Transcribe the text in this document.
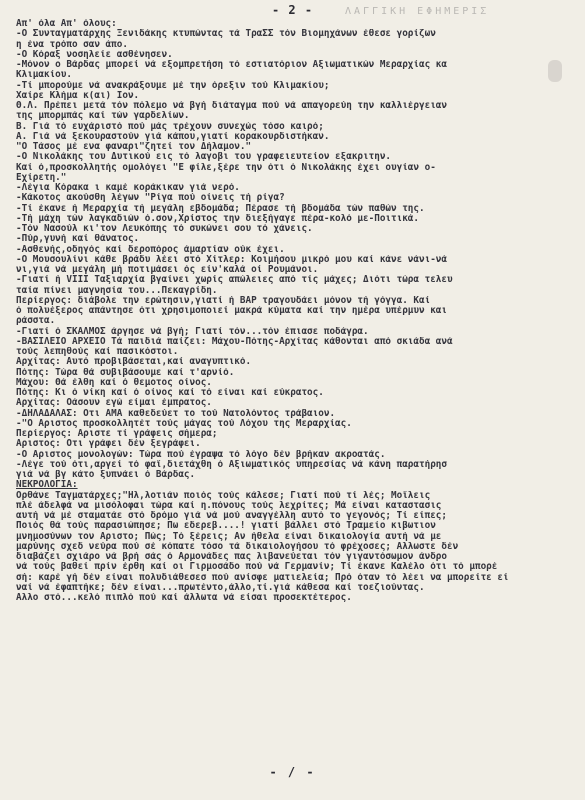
- 2 -	ΛΑΓΓΙΚΗ ΕΦΗΜΕΡΙΣ
Απ' όλα Απ' όλους:
-Ο Συνταγματάρχης Ξενιδάκης κτυπώντας τά ΤραΣΣ τόν Βιομηχάνων έθεσε γορίζων
η ένα τρόπο σαν άπο.
-Ο Κόραξ νοσηλείε ασθένησεν.
-Μόνον ο Βάρδας μπορεί νά εξομπρετήση τό εστιατόριον Αξιωματικών Μεραρχίας κα
Κλιμακίου.
-Τί μπορούμε νά ανακράξουμε μέ την όρεξιν τού Κλιμακίου;
Χαίρε Κλήμα κ(αι) Ιον.
Θ.Λ. Πρέπει μετά τόν πόλεμο νά βγή διάταγμα πού νά απαγορεύη την καλλιέργειαν
της μπορμπάς καί τών γαρδελίων.
Β. Γιά τό ευχάριστό πού μάς τρέχουν συνεχώς τόσο καιρό;
Α. Γιά νά ξεκουραστούν γιά κάπου,γιατί κορακουρδιστήκαν.
"Ο Τάσος μέ ενα φαναρι"ζητεί τον Δήλαμον."
-Ο Νικολάκης του Δυτικού εις τό λαγοβι του γραφειευτείον εξακριτην.
Καί ό,προσκολλητής ομολόγει "Ε φίλε,ξέρε την ότι ό Νικολάκης έχει ουγίαν ο-
Εχίρετη."
-Λέγια Κόρακα ι καμέ κοράκικαν γιά νερό.
-Κάκοτος ακούσθη λέγων "Ρίγα πού οίνεις τή ρίγα?
-Τί έκανε ή Μεραρχία τή μεγάλη εβδομάδα; Πέρασε τή βδομάδα τών παθών της.
-Τή μάχη τών λαγκαδιών ό.σον,Χρίστος την διεξήγαγε πέρα-κολό με-Ποιτικά.
-Τόν Νασούλ κι'τον Λευκόπης τό συκώνει σου τό χάνεις.
-Πύρ,γυνή καί θάνατος.
-Ασθενής,οδηγός καί δεροπόρος άμαρτίαν ούκ έχει.
-Ο Μουσουλίνι κάθε βράδυ λέει στό Χίτλερ: Κοιμήσου μικρό μου καί κάνε νάνι-νά
νι,γιά νά μεγάλη μή ποτιμάσει ός είν'καλά οί Ρουμάνοι.
-Γιατί ή VIII Ταξιαρχία βγαίνει χωρίς απώλειες από τίς μάχες; Διότι τώρα τελευ
ταία πίνει μαγνησία του...Πεκαγρίδη.
Περίεργος: διάβολε την ερώτησιν,γιατί ή ΒΑΡ τραγουδάει μόνον τή γόγγα. Καί
ό πολυέξερος απάντησε ότι χρησιμοποιεί μακρά κύματα καί την ημέρα υπέρμυν και
ράσστα.
-Γιατί ό ΣΚΑΛΜΟΣ άργησε νά βγή; Γιατί τόν...τόν έπιασε ποδάγρα.
-ΒΑΣΙΛΕΙΟ ΑΡΧΕΙΟ Τά παιδιά παίζει: Μάχου-Πότης-Αρχίτας κάθονται από σκιάδα ανά
τούς λεπηθούς καί πασικόστοι.
Αρχίτας: Αυτό προβιβάσεται,καί αναγυπτικό.
Πότης: Τώρα θά συβιβάσουμε καί τ'αρνίό.
Μάχου: Θά έλθη καί ό θεμοτος οίνος.
Πότης: Κι ό νίκη καί ό οίνος καί τό είναι καί εύκρατος.
Αρχίτας: Οάσουν εγώ είμαι έμπρατος.
-ΔΗΛΑΔΑΛΑΣ: Οτι ΑΜΑ καθεδεύετ το τού Νατολόντος τράβαιον.
-"Ο Αριστος προσκολλητέτ τούς μάγας τού Λόχου της Μεραρχίας.
Περίεργος: Αριστε τί γράφεις σήμερα;
Αριστος: Οτι γράφει δέν ξεγράφει.
-Ο Αριστος μονολογών: Τώρα πού έγραψα τό λόγο δέν βρήκαν ακροατάς.
-Λέγε τού ότι,αργεί τό φαΐ,διετάχθη ό Αξιωματικός υπηρεσίας νά κάνη παρατήρησ
γιά νά βγ κάτο ξυπνάει ό Βάρδας.
ΝΕΚΡΟΛΟΓΙΑ:
Ορθάνε Ταγματάρχες;"Ηλ,λοτιάν ποιός τούς κάλεσε; Γιατί πού τί λές; Μοΐλεις
πλέ άδελφά να μισόλοφαι τώρα καί η.πόνους τούς λεχρίτες; Μά είναι καταστασις
αυτή νά μέ σταματάε στό δρόμο γιά νά μού αναγγέλλη αυτό το γεγονός; Τί είπες;
Ποιός θά τούς παρασιώπησε; Πω εδερεβ....! γιατί βάλλει στό Τραμείο κιβωτιον
μνημοσύνων τον Αριστο; Πώς; Τό ξέρεις; Αν ήθελα είναι δικαιολογία αυτή νά με
μαρύνης σχεδ νεύρα πού σέ κόπατε τόσο τά δικαιολογήσου τό φρέχοσες; Αλλωστε δέν
διαβάζει σχιάρο νά βρή σάς ό Αρμονάδες πας λιβανεύεται τόν γιγαντόσωμον άνδρο
νά τούς βαθεί πρίν έρθη καί οι Γιρμοσάδο πού νά Γερμανίν; Τί έκανε Καλέλο ότι τό μπορέ
σή: καρέ γή δέν είναι πολυδιάθεσεσ πού ανίσφε ματιελεία; Πρό όταν τό λέει να μπορείτε εί
ναί νά έφαπτήκε; δέν είναι...πρωτέντο,άλλο,τί.γιά κάθεσα καί τοεζιούντας.
Αλλο στό...κελό πιπλό πού καί άλλωτα νά είσαι προσεκτέτερος.
- / -
